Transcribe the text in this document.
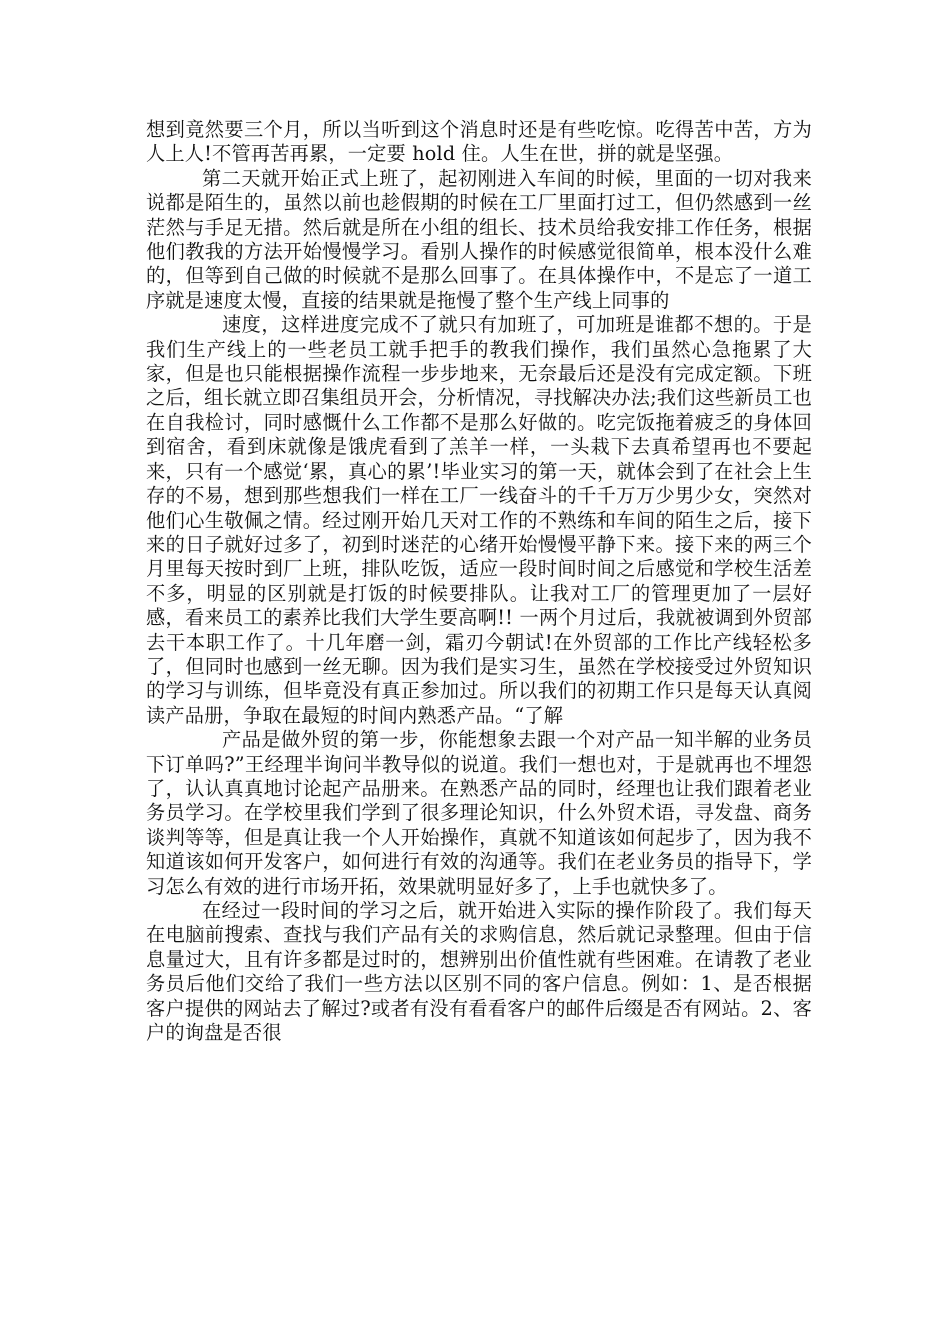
想到竟然要三个月，所以当听到这个消息时还是有些吃惊。吃得苦中苦，方为人上人!不管再苦再累，一定要 hold 住。人生在世，拼的就是坚强。

第二天就开始正式上班了，起初刚进入车间的时候，里面的一切对我来说都是陌生的，虽然以前也趁假期的时候在工厂里面打过工，但仍然感到一丝茫然与手足无措。然后就是所在小组的组长、技术员给我安排工作任务，根据他们教我的方法开始慢慢学习。看别人操作的时候感觉很简单，根本没什么难的，但等到自己做的时候就不是那么回事了。在具体操作中，不是忘了一道工序就是速度太慢，直接的结果就是拖慢了整个生产线上同事的

速度，这样进度完成不了就只有加班了，可加班是谁都不想的。于是我们生产线上的一些老员工就手把手的教我们操作，我们虽然心急拖累了大家，但是也只能根据操作流程一步步地来，无奈最后还是没有完成定额。下班之后，组长就立即召集组员开会，分析情况，寻找解决办法;我们这些新员工也在自我检讨，同时感慨什么工作都不是那么好做的。吃完饭拖着疲乏的身体回到宿舍，看到床就像是饿虎看到了羔羊一样，一头栽下去真希望再也不要起来，只有一个感觉‘累，真心的累’!毕业实习的第一天，就体会到了在社会上生存的不易，想到那些想我们一样在工厂一线奋斗的千千万万少男少女，突然对他们心生敬佩之情。经过刚开始几天对工作的不熟练和车间的陌生之后，接下来的日子就好过多了，初到时迷茫的心绪开始慢慢平静下来。接下来的两三个月里每天按时到厂上班，排队吃饭，适应一段时间时间之后感觉和学校生活差不多，明显的区别就是打饭的时候要排队。让我对工厂的管理更加了一层好感，看来员工的素养比我们大学生要高啊!! 一两个月过后，我就被调到外贸部去干本职工作了。十几年磨一剑，霜刃今朝试!在外贸部的工作比产线轻松多了，但同时也感到一丝无聊。因为我们是实习生，虽然在学校接受过外贸知识的学习与训练，但毕竟没有真正参加过。所以我们的初期工作只是每天认真阅读产品册，争取在最短的时间内熟悉产品。“了解

产品是做外贸的第一步，你能想象去跟一个对产品一知半解的业务员下订单吗?”王经理半询问半教导似的说道。我们一想也对，于是就再也不埋怨了，认认真真地讨论起产品册来。在熟悉产品的同时，经理也让我们跟着老业务员学习。在学校里我们学到了很多理论知识，什么外贸术语，寻发盘、商务谈判等等，但是真让我一个人开始操作，真就不知道该如何起步了，因为我不知道该如何开发客户，如何进行有效的沟通等。我们在老业务员的指导下，学习怎么有效的进行市场开拓，效果就明显好多了，上手也就快多了。

在经过一段时间的学习之后，就开始进入实际的操作阶段了。我们每天在电脑前搜索、查找与我们产品有关的求购信息，然后就记录整理。但由于信息量过大，且有许多都是过时的，想辨别出价值性就有些困难。在请教了老业务员后他们交给了我们一些方法以区别不同的客户信息。例如：1、是否根据客户提供的网站去了解过?或者有没有看看客户的邮件后缀是否有网站。2、客户的询盘是否很
